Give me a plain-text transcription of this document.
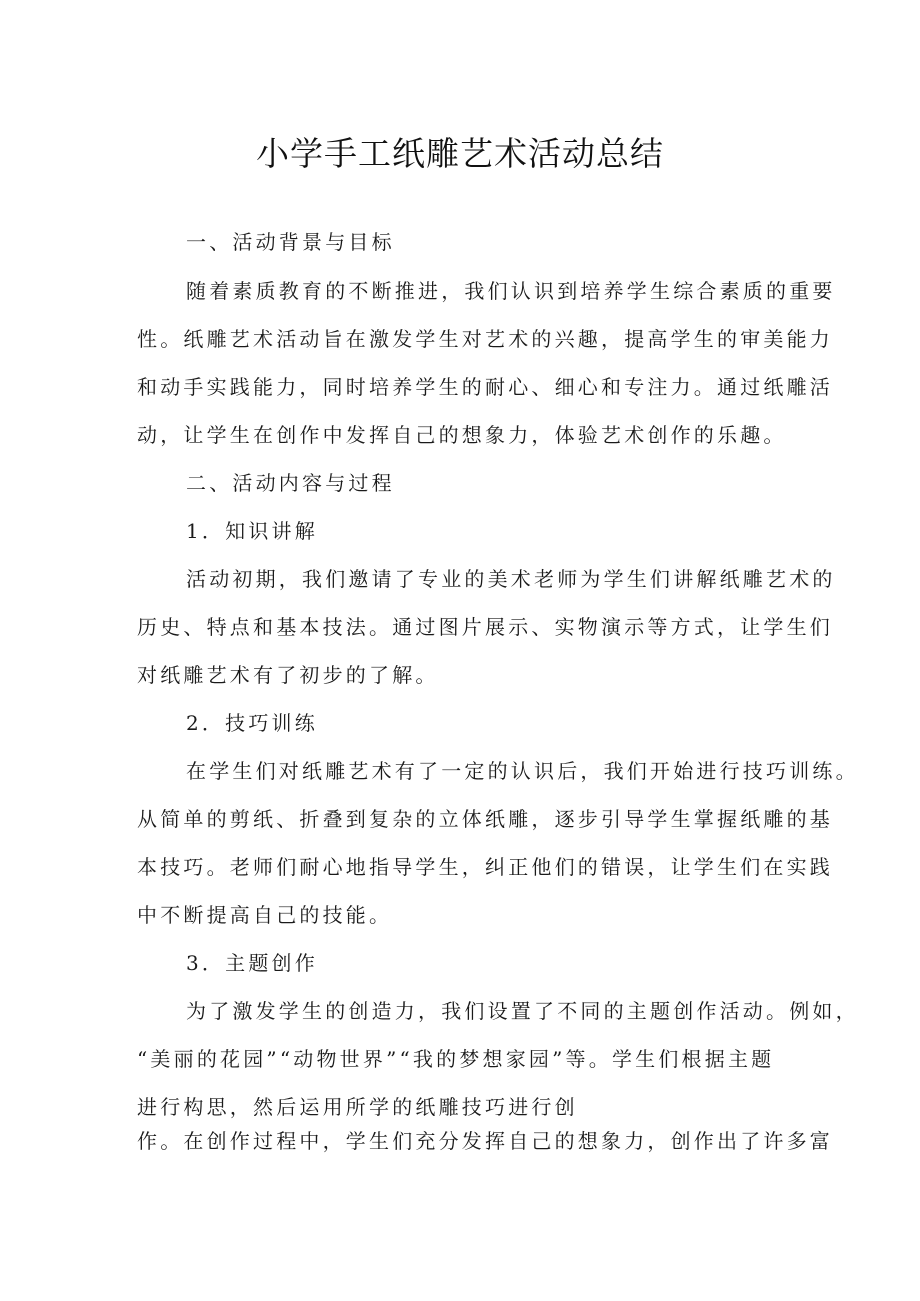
小学手工纸雕艺术活动总结
一、活动背景与目标
随着素质教育的不断推进，我们认识到培养学生综合素质的重要
性。纸雕艺术活动旨在激发学生对艺术的兴趣，提高学生的审美能力
和动手实践能力，同时培养学生的耐心、细心和专注力。通过纸雕活
动，让学生在创作中发挥自己的想象力，体验艺术创作的乐趣。
二、活动内容与过程
1．知识讲解
活动初期，我们邀请了专业的美术老师为学生们讲解纸雕艺术的
历史、特点和基本技法。通过图片展示、实物演示等方式，让学生们
对纸雕艺术有了初步的了解。
2．技巧训练
在学生们对纸雕艺术有了一定的认识后，我们开始进行技巧训练。
从简单的剪纸、折叠到复杂的立体纸雕，逐步引导学生掌握纸雕的基
本技巧。老师们耐心地指导学生，纠正他们的错误，让学生们在实践
中不断提高自己的技能。
3．主题创作
为了激发学生的创造力，我们设置了不同的主题创作活动。例如，
“美丽的花园”“动物世界”“我的梦想家园”等。学生们根据主题
进行构思，然后运用所学的纸雕技巧进行创
作。在创作过程中，学生们充分发挥自己的想象力，创作出了许多富
